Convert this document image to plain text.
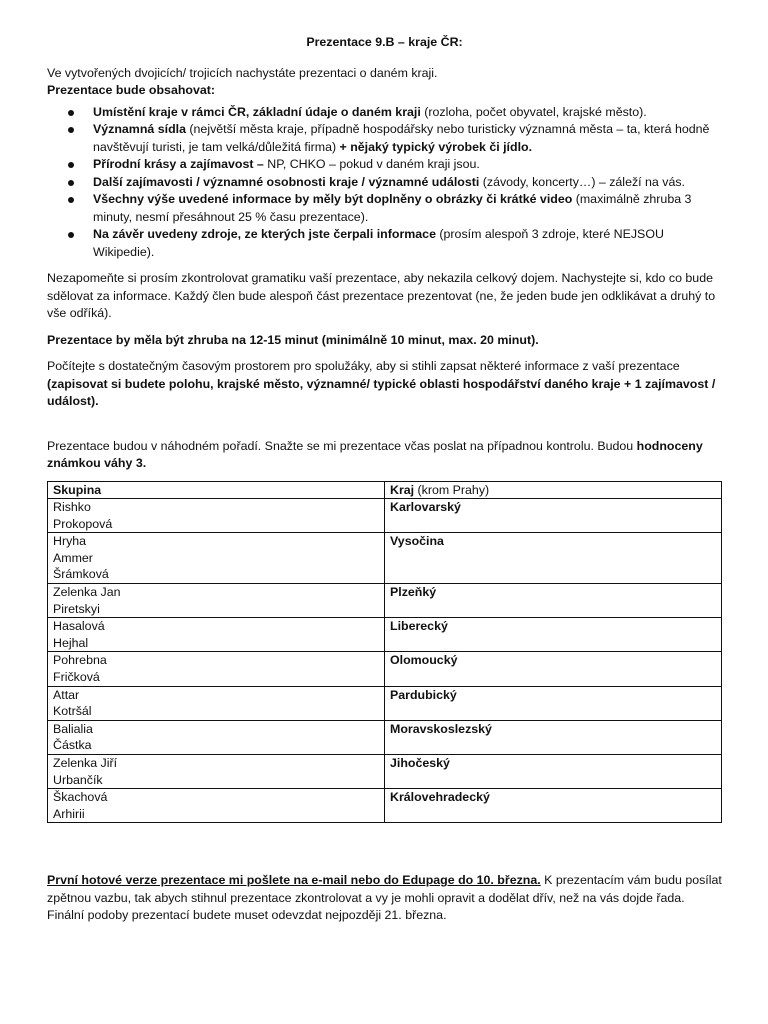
Prezentace 9.B – kraje ČR:

Ve vytvořených dvojicích/ trojicích nachystáte prezentaci o daném kraji.

Prezentace bude obsahovat:

Umístění kraje v rámci ČR, základní údaje o daném kraji (rozloha, počet obyvatel, krajské město).
Významná sídla (největší města kraje, případně hospodářsky nebo turisticky významná města – ta, která hodně navštěvují turisti, je tam velká/důležitá firma) + nějaký typický výrobek či jídlo.
Přírodní krásy a zajímavost – NP, CHKO – pokud v daném kraji jsou.
Další zajímavosti / významné osobnosti kraje / významné události (závody, koncerty…) – záleží na vás.
Všechny výše uvedené informace by měly být doplněny o obrázky či krátké video (maximálně zhruba 3 minuty, nesmí přesáhnout 25 % času prezentace).
Na závěr uvedeny zdroje, ze kterých jste čerpali informace (prosím alespoň 3 zdroje, které NEJSOU Wikipedie).

Nezapomeňte si prosím zkontrolovat gramatiku vaší prezentace, aby nekazila celkový dojem. Nachystejte si, kdo co bude sdělovat za informace. Každý člen bude alespoň část prezentace prezentovat (ne, že jeden bude jen odklikávat a druhý to vše odříká).

Prezentace by měla být zhruba na 12-15 minut (minimálně 10 minut, max. 20 minut).

Počítejte s dostatečným časovým prostorem pro spolužáky, aby si stihli zapsat některé informace z vaší prezentace (zapisovat si budete polohu, krajské město, významné/ typické oblasti hospodářství daného kraje + 1 zajímavost / událost).

Prezentace budou v náhodném pořadí. Snažte se mi prezentace včas poslat na případnou kontrolu. Budou hodnoceny známkou váhy 3.

Skupina	Kraj (krom Prahy)

Rishko
Prokopová	Karlovarský

Hryha
Ammer
Šrámková	Vysočina

Zelenka Jan
Piretskyi	Plzeňký

Hasalová
Hejhal	Liberecký

Pohrebna
Fričková	Olomoucký

Attar
Kotršál	Pardubický

Balialia
Částka	Moravskoslezský

Zelenka Jiří
Urbančík	Jihočeský

Škachová
Arhirii	Královehradecký

První hotové verze prezentace mi pošlete na e-mail nebo do Edupage do 10. března. K prezentacím vám budu posílat zpětnou vazbu, tak abych stihnul prezentace zkontrolovat a vy je mohli opravit a dodělat dřív, než na vás dojde řada. Finální podoby prezentací budete muset odevzdat nejpozději 21. března.
